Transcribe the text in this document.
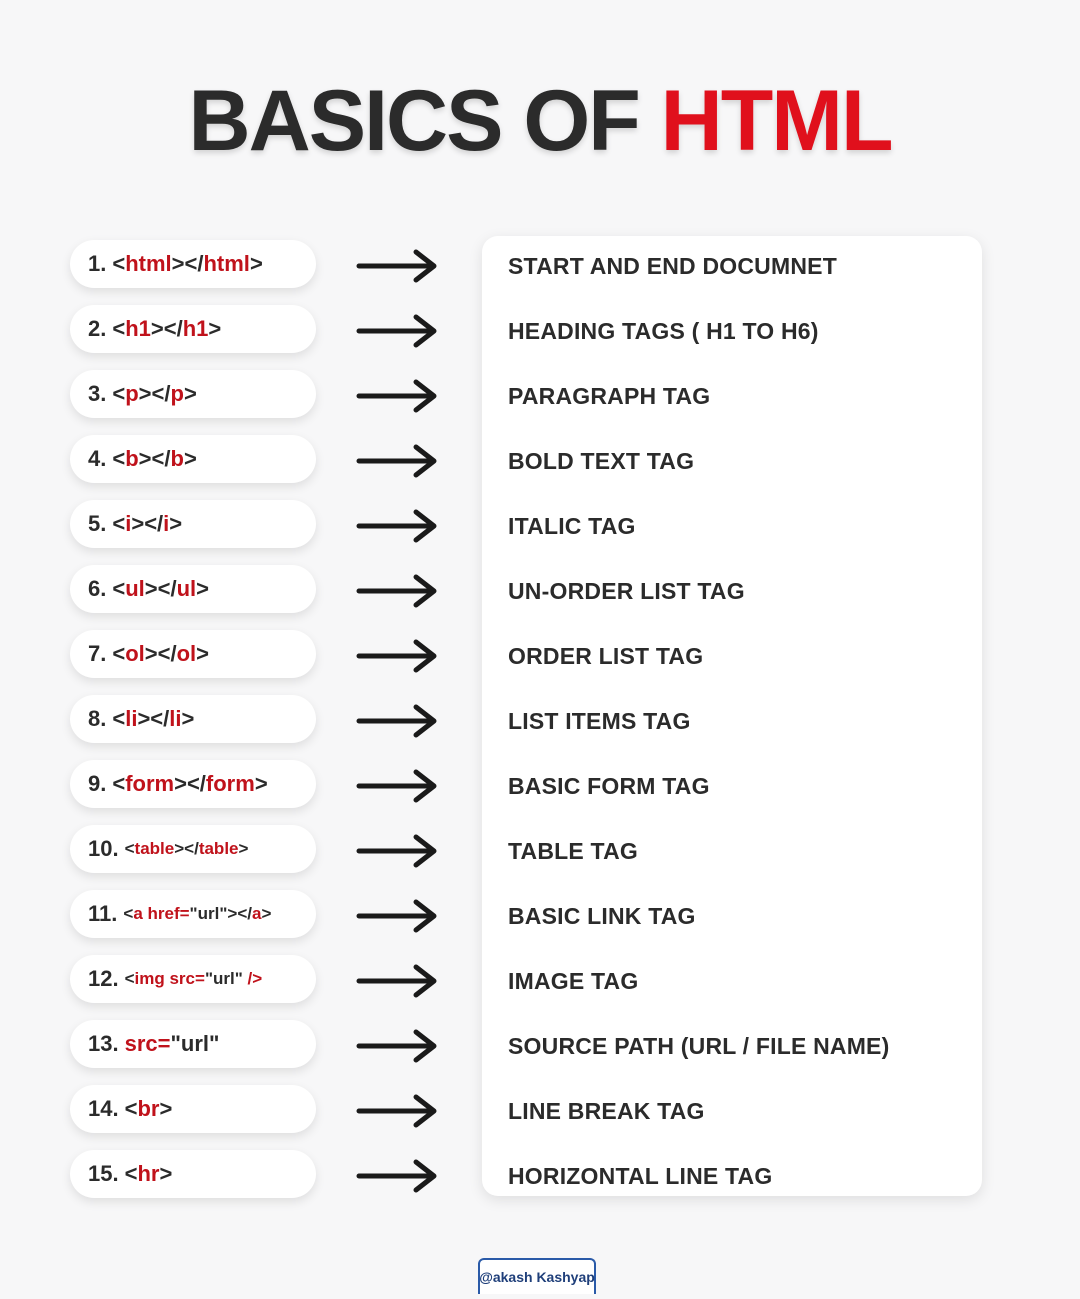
BASICS OF HTML
1. <html></html>	START AND END DOCUMNET
2. <h1></h1>	HEADING TAGS ( H1 TO H6)
3. <p></p>	PARAGRAPH TAG
4. <b></b>	BOLD TEXT TAG
5. <i></i>	ITALIC TAG
6. <ul></ul>	UN-ORDER LIST TAG
7. <ol></ol>	ORDER LIST TAG
8. <li></li>	LIST ITEMS TAG
9. <form></form>	BASIC FORM TAG
10. <table></table>	TABLE TAG
11. <a href="url"></a>	BASIC LINK TAG
12. <img src="url" />	IMAGE TAG
13. src="url"	SOURCE PATH (URL / FILE NAME)
14. <br>	LINE BREAK TAG
15. <hr>	HORIZONTAL LINE TAG
@akash Kashyap
